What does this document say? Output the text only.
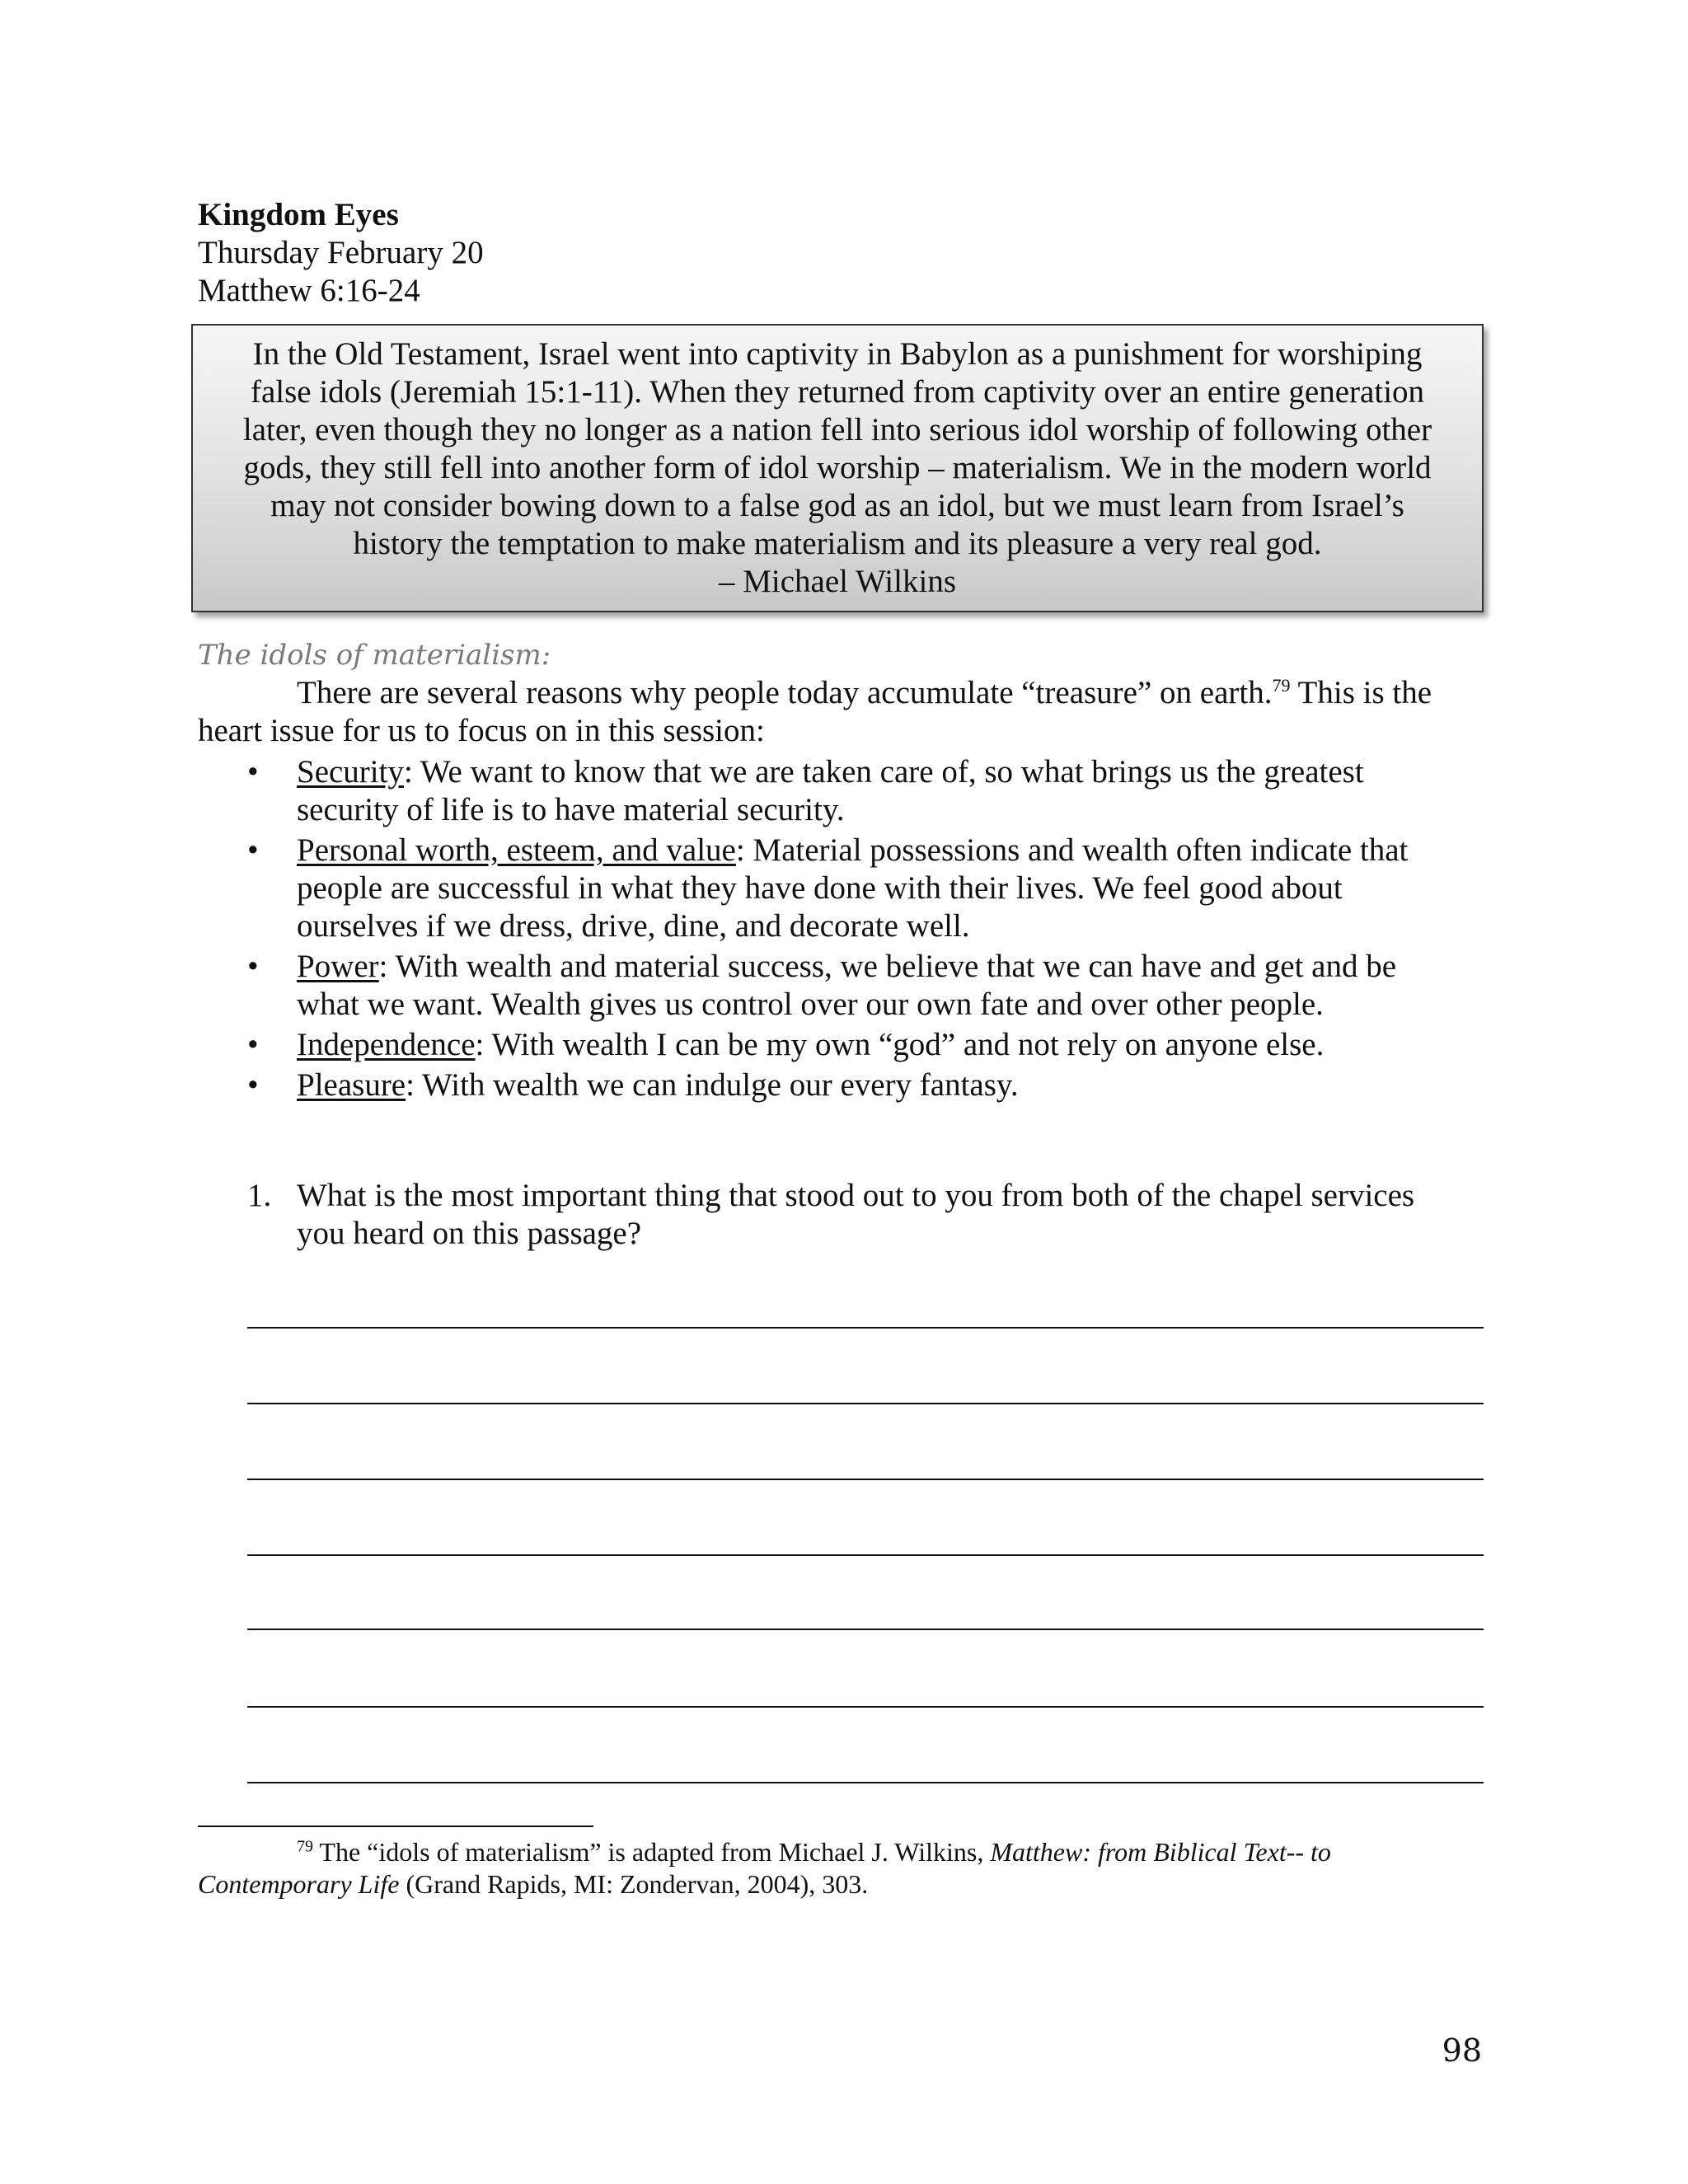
Kingdom Eyes
Thursday February 20
Matthew 6:16-24
In the Old Testament, Israel went into captivity in Babylon as a punishment for worshiping
false idols (Jeremiah 15:1-11). When they returned from captivity over an entire generation
later, even though they no longer as a nation fell into serious idol worship of following other
gods, they still fell into another form of idol worship – materialism. We in the modern world
may not consider bowing down to a false god as an idol, but we must learn from Israel’s
history the temptation to make materialism and its pleasure a very real god.
– Michael Wilkins
The idols of materialism:
There are several reasons why people today accumulate “treasure” on earth.$^{79}$ This is the
heart issue for us to focus on in this session:
• Security: We want to know that we are taken care of, so what brings us the greatest
security of life is to have material security.
• Personal worth, esteem, and value: Material possessions and wealth often indicate that
people are successful in what they have done with their lives. We feel good about
ourselves if we dress, drive, dine, and decorate well.
• Power: With wealth and material success, we believe that we can have and get and be
what we want. Wealth gives us control over our own fate and over other people.
• Independence: With wealth I can be my own “god” and not rely on anyone else.
• Pleasure: With wealth we can indulge our every fantasy.
1. What is the most important thing that stood out to you from both of the chapel services
you heard on this passage?
$^{79}$ The “idols of materialism” is adapted from Michael J. Wilkins, Matthew: from Biblical Text-- to
Contemporary Life (Grand Rapids, MI: Zondervan, 2004), 303.
98
